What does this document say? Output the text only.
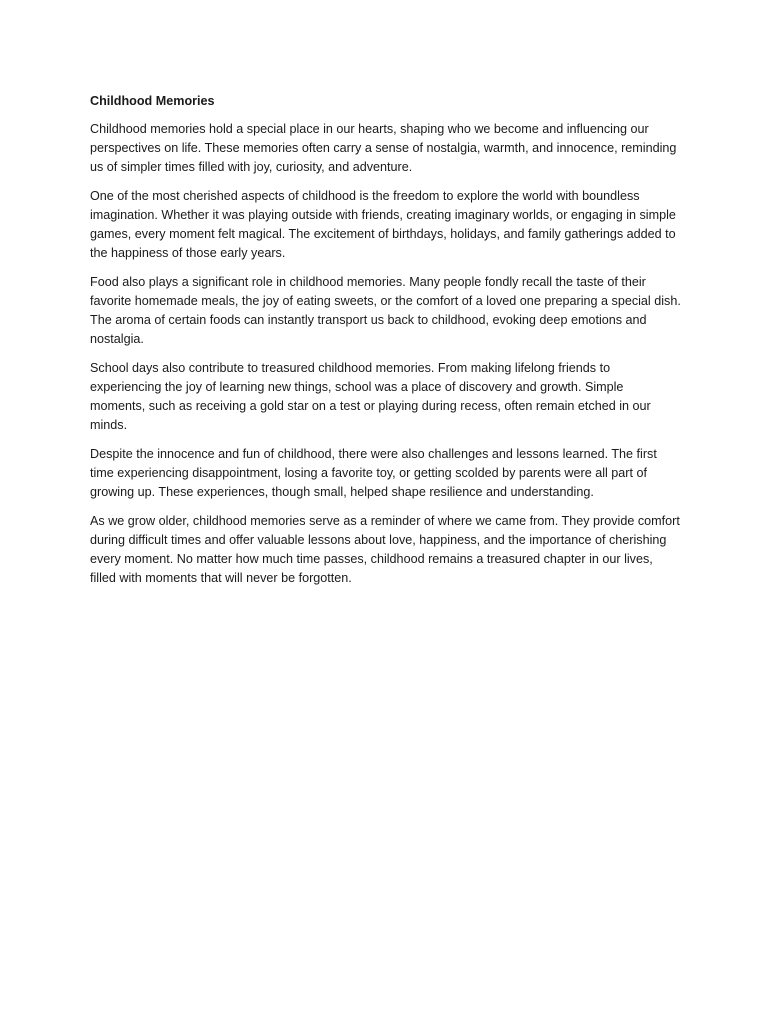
Childhood Memories

Childhood memories hold a special place in our hearts, shaping who we become and influencing our perspectives on life. These memories often carry a sense of nostalgia, warmth, and innocence, reminding us of simpler times filled with joy, curiosity, and adventure.

One of the most cherished aspects of childhood is the freedom to explore the world with boundless imagination. Whether it was playing outside with friends, creating imaginary worlds, or engaging in simple games, every moment felt magical. The excitement of birthdays, holidays, and family gatherings added to the happiness of those early years.

Food also plays a significant role in childhood memories. Many people fondly recall the taste of their favorite homemade meals, the joy of eating sweets, or the comfort of a loved one preparing a special dish. The aroma of certain foods can instantly transport us back to childhood, evoking deep emotions and nostalgia.

School days also contribute to treasured childhood memories. From making lifelong friends to experiencing the joy of learning new things, school was a place of discovery and growth. Simple moments, such as receiving a gold star on a test or playing during recess, often remain etched in our minds.

Despite the innocence and fun of childhood, there were also challenges and lessons learned. The first time experiencing disappointment, losing a favorite toy, or getting scolded by parents were all part of growing up. These experiences, though small, helped shape resilience and understanding.

As we grow older, childhood memories serve as a reminder of where we came from. They provide comfort during difficult times and offer valuable lessons about love, happiness, and the importance of cherishing every moment. No matter how much time passes, childhood remains a treasured chapter in our lives, filled with moments that will never be forgotten.
